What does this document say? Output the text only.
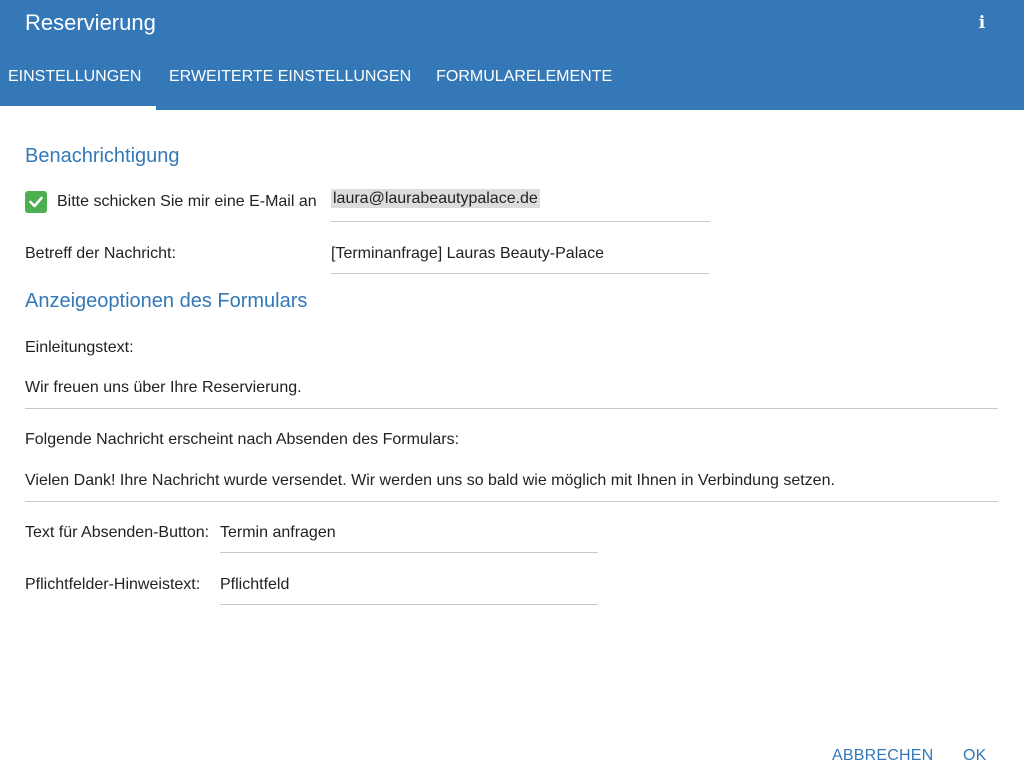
Reservierung	i
EINSTELLUNGEN	ERWEITERTE EINSTELLUNGEN	FORMULARELEMENTE
Benachrichtigung
Bitte schicken Sie mir eine E-Mail an laura@laurabeautypalace.de
Betreff der Nachricht:	[Terminanfrage] Lauras Beauty-Palace
Anzeigeoptionen des Formulars
Einleitungstext:
Wir freuen uns über Ihre Reservierung.
Folgende Nachricht erscheint nach Absenden des Formulars:
Vielen Dank! Ihre Nachricht wurde versendet. Wir werden uns so bald wie möglich mit Ihnen in Verbindung setzen.
Text für Absenden-Button: Termin anfragen
Pflichtfelder-Hinweistext: Pflichtfeld
ABBRECHEN OK
